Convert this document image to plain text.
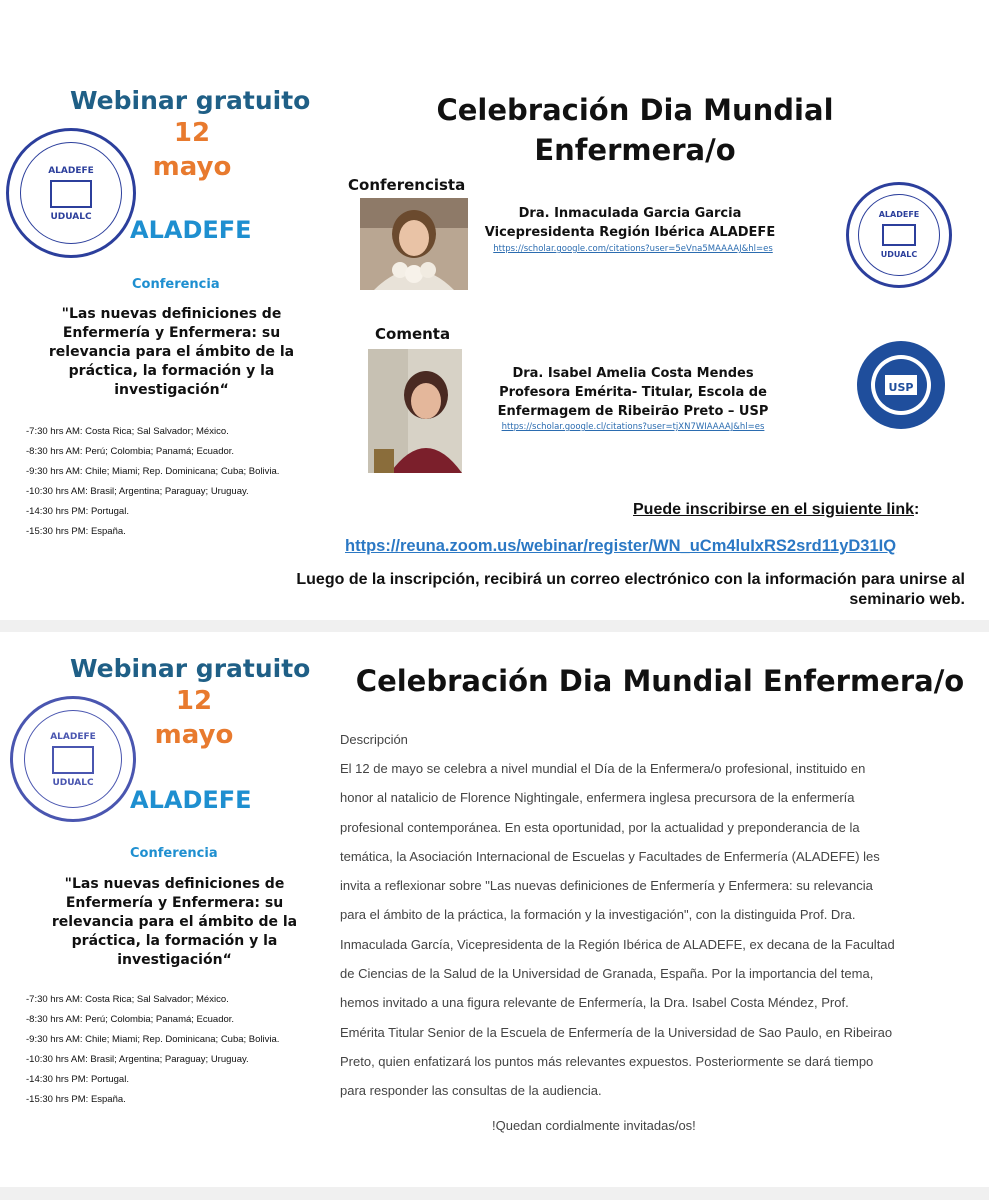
ALADEFE
UDUALC
Webinar gratuito
12
mayo
ALADEFE
Conferencia
"Las nuevas definiciones de Enfermería y Enfermera: su relevancia para el ámbito de la práctica, la formación y la investigación“
-7:30 hrs AM: Costa Rica; Sal Salvador; México.
-8:30 hrs AM: Perú; Colombia; Panamá; Ecuador.
-9:30 hrs AM: Chile; Miami; Rep. Dominicana; Cuba; Bolivia.
-10:30 hrs AM: Brasil; Argentina; Paraguay; Uruguay.
-14:30 hrs PM: Portugal.
-15:30 hrs PM: España.
Celebración Dia Mundial
Enfermera/o
Conferencista
Dra. Inmaculada Garcia Garcia
Vicepresidenta Región Ibérica ALADEFE
https://scholar.google.com/citations?user=5eVna5MAAAAJ&hl=es
ALADEFE
UDUALC
Comenta
Dra. Isabel Amelia Costa Mendes
Profesora Emérita- Titular, Escola de
Enfermagem de Ribeirão Preto – USP
https://scholar.google.cl/citations?user=tjXN7WIAAAAJ&hl=es
USP
Puede inscribirse en el siguiente link:
https://reuna.zoom.us/webinar/register/WN_uCm4luIxRS2srd11yD31IQ
Luego de la inscripción, recibirá un correo electrónico con la información para unirse al
seminario web.
ALADEFE
UDUALC
Webinar gratuito
12
mayo
ALADEFE
Conferencia
"Las nuevas definiciones de Enfermería y Enfermera: su relevancia para el ámbito de la práctica, la formación y la investigación“
-7:30 hrs AM: Costa Rica; Sal Salvador; México.
-8:30 hrs AM: Perú; Colombia; Panamá; Ecuador.
-9:30 hrs AM: Chile; Miami; Rep. Dominicana; Cuba; Bolivia.
-10:30 hrs AM: Brasil; Argentina; Paraguay; Uruguay.
-14:30 hrs PM: Portugal.
-15:30 hrs PM: España.
Celebración Dia Mundial Enfermera/o
Descripción
El 12 de mayo se celebra a nivel mundial el Día de la Enfermera/o profesional, instituido en
honor al natalicio de Florence Nightingale, enfermera inglesa precursora de la enfermería
profesional contemporánea. En esta oportunidad, por la actualidad y preponderancia de la
temática, la Asociación Internacional de Escuelas y Facultades de Enfermería (ALADEFE) les
invita a reflexionar sobre "Las nuevas definiciones de Enfermería y Enfermera: su relevancia
para el ámbito de la práctica, la formación y la investigación", con la distinguida Prof. Dra.
Inmaculada García, Vicepresidenta de la Región Ibérica de ALADEFE, ex decana de la Facultad
de Ciencias de la Salud de la Universidad de Granada, España. Por la importancia del tema,
hemos invitado a una figura relevante de Enfermería, la Dra. Isabel Costa Méndez, Prof.
Emérita Titular Senior de la Escuela de Enfermería de la Universidad de Sao Paulo, en Ribeirao
Preto, quien enfatizará los puntos más relevantes expuestos. Posteriormente se dará tiempo
para responder las consultas de la audiencia.
!Quedan cordialmente invitadas/os!
